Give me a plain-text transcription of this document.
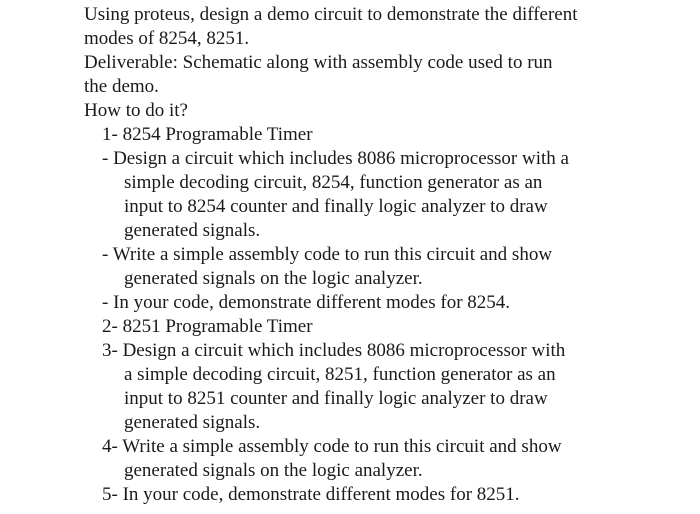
Using proteus, design a demo circuit to demonstrate the different
modes of 8254, 8251.
Deliverable: Schematic along with assembly code used to run
the demo.
How to do it?
1- 8254 Programable Timer
- Design a circuit which includes 8086 microprocessor with a
simple decoding circuit, 8254, function generator as an
input to 8254 counter and finally logic analyzer to draw
generated signals.
- Write a simple assembly code to run this circuit and show
generated signals on the logic analyzer.
- In your code, demonstrate different modes for 8254.
2- 8251 Programable Timer
3- Design a circuit which includes 8086 microprocessor with
a simple decoding circuit, 8251, function generator as an
input to 8251 counter and finally logic analyzer to draw
generated signals.
4- Write a simple assembly code to run this circuit and show
generated signals on the logic analyzer.
5- In your code, demonstrate different modes for 8251.
